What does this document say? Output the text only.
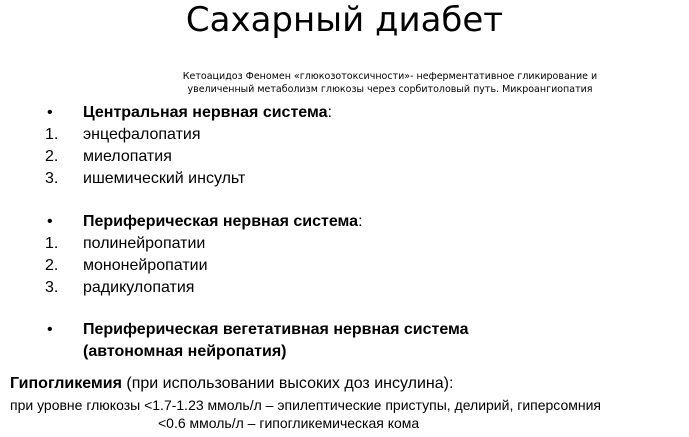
Сахарный диабет
Кетоацидоз Феномен «глюкозотоксичности»- неферментативное гликирование и
увеличенный метаболизм глюкозы через сорбитоловый путь. Микроангиопатия
•	Центральная нервная система:
1.	энцефалопатия
2.	миелопатия
3.	ишемический инсульт
•	Периферическая нервная система:
1.	полинейропатии
2.	мононейропатии
3.	радикулопатия
•	Периферическая вегетативная нервная система
(автономная нейропатия)
Гипогликемия (при использовании высоких доз инсулина):
при уровне глюкозы <1.7-1.23 ммоль/л – эпилептические приступы, делирий, гиперсомния
<0.6 ммоль/л – гипогликемическая кома
